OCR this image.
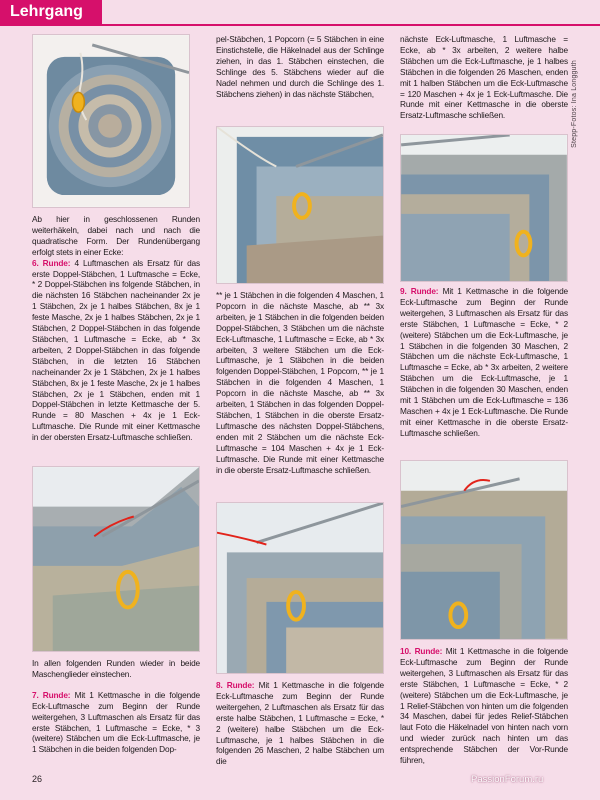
Lehrgang
Stepp-Fotos: Ina Longguth

Ab hier in geschlossenen Runden weiterhäkeln, dabei nach und nach die quadratische Form. Der Rundenübergang erfolgt stets in einer Ecke:

6. Runde: 4 Luftmaschen als Ersatz für das erste Doppel-Stäbchen, 1 Luftmasche = Ecke, * 2 Doppel-Stäbchen ins folgende Stäbchen, in die nächsten 16 Stäbchen nacheinander 2x je 1 Stäbchen, 2x je 1 halbes Stäbchen, 8x je 1 feste Masche, 2x je 1 halbes Stäbchen, 2x je 1 Stäbchen, 2 Doppel-Stäbchen in das folgende Stäbchen, 1 Luftmasche = Ecke, ab * 3x arbeiten, 2 Doppel-Stäbchen in das folgende Stäbchen, in die letzten 16 Stäbchen nacheinander 2x je 1 Stäbchen, 2x je 1 halbes Stäbchen, 8x je 1 feste Masche, 2x je 1 halbes Stäbchen, 2x je 1 Stäbchen, enden mit 1 Doppel-Stäbchen in letzte Kettmasche der 5. Runde = 80 Maschen + 4x je 1 Eck-Luftmasche. Die Runde mit einer Kettmasche in der obersten Ersatz-Luftmasche schließen.

In allen folgenden Runden wieder in beide Maschenglieder einstechen.

7. Runde: Mit 1 Kettmasche in die folgende Eck-Luftmasche zum Beginn der Runde weitergehen, 3 Luftmaschen als Ersatz für das erste Stäbchen, 1 Luftmasche = Ecke, * 3 (weitere) Stäbchen um die Eck-Luftmasche, je 1 Stäbchen in die beiden folgenden Dop-

pel-Stäbchen, 1 Popcorn (= 5 Stäbchen in eine Einstichstelle, die Häkelnadel aus der Schlinge ziehen, in das 1. Stäbchen einstechen, die Schlinge des 5. Stäbchens wieder auf die Nadel nehmen und durch die Schlinge des 1. Stäbchens ziehen) in das nächste Stäbchen,

** je 1 Stäbchen in die folgenden 4 Maschen, 1 Popcorn in die nächste Masche, ab ** 3x arbeiten, je 1 Stäbchen in die folgenden beiden Doppel-Stäbchen, 3 Stäbchen um die nächste Eck-Luftmasche, 1 Luftmasche = Ecke, ab * 3x arbeiten, 3 weitere Stäbchen um die Eck-Luftmasche, je 1 Stäbchen in die beiden folgenden Doppel-Stäbchen, 1 Popcorn, ** je 1 Stäbchen in die folgenden 4 Maschen, 1 Popcorn in die nächste Masche, ab ** 3x arbeiten, 1 Stäbchen in das folgenden Doppel-Stäbchen, 1 Stäbchen in die oberste Ersatz-Luftmasche des nächsten Doppel-Stäbchens, enden mit 2 Stäbchen um die nächste Eck-Luftmasche = 104 Maschen + 4x je 1 Eck-Luftmasche. Die Runde mit einer Kettmasche in die oberste Ersatz-Luftmasche schließen.

8. Runde: Mit 1 Kettmasche in die folgende Eck-Luftmasche zum Beginn der Runde weitergehen, 2 Luftmaschen als Ersatz für das erste halbe Stäbchen, 1 Luftmasche = Ecke, * 2 (weitere) halbe Stäbchen um die Eck-Luftmasche, je 1 halbes Stäbchen in die folgenden 26 Maschen, 2 halbe Stäbchen um die

nächste Eck-Luftmasche, 1 Luftmasche = Ecke, ab * 3x arbeiten, 2 weitere halbe Stäbchen um die Eck-Luftmasche, je 1 halbes Stäbchen in die folgenden 26 Maschen, enden mit 1 halben Stäbchen um die Eck-Luftmasche = 120 Maschen + 4x je 1 Eck-Luftmasche. Die Runde mit einer Kettmasche in die oberste Ersatz-Luftmasche schließen.

9. Runde: Mit 1 Kettmasche in die folgende Eck-Luftmasche zum Beginn der Runde weitergehen, 3 Luftmaschen als Ersatz für das erste Stäbchen, 1 Luftmasche = Ecke, * 2 (weitere) Stäbchen um die Eck-Luftmasche, je 1 Stäbchen in die folgenden 30 Maschen, 2 Stäbchen um die nächste Eck-Luftmasche, 1 Luftmasche = Ecke, ab * 3x arbeiten, 2 weitere Stäbchen um die Eck-Luftmasche, je 1 Stäbchen in die folgenden 30 Maschen, enden mit 1 Stäbchen um die Eck-Luftmasche = 136 Maschen + 4x je 1 Eck-Luftmasche. Die Runde mit einer Kettmasche in die oberste Ersatz-Luftmasche schließen.

10. Runde: Mit 1 Kettmasche in die folgende Eck-Luftmasche zum Beginn der Runde weitergehen, 3 Luftmaschen als Ersatz für das erste Stäbchen, 1 Luftmasche = Ecke, * 2 (weitere) Stäbchen um die Eck-Luftmasche, je 1 Relief-Stäbchen von hinten um die folgenden 34 Maschen, dabei für jedes Relief-Stäbchen laut Foto die Häkelnadel von hinten nach vorn und wieder zurück nach hinten um das entsprechende Stäbchen der Vor-Runde führen,

26	PassionForum.ru
